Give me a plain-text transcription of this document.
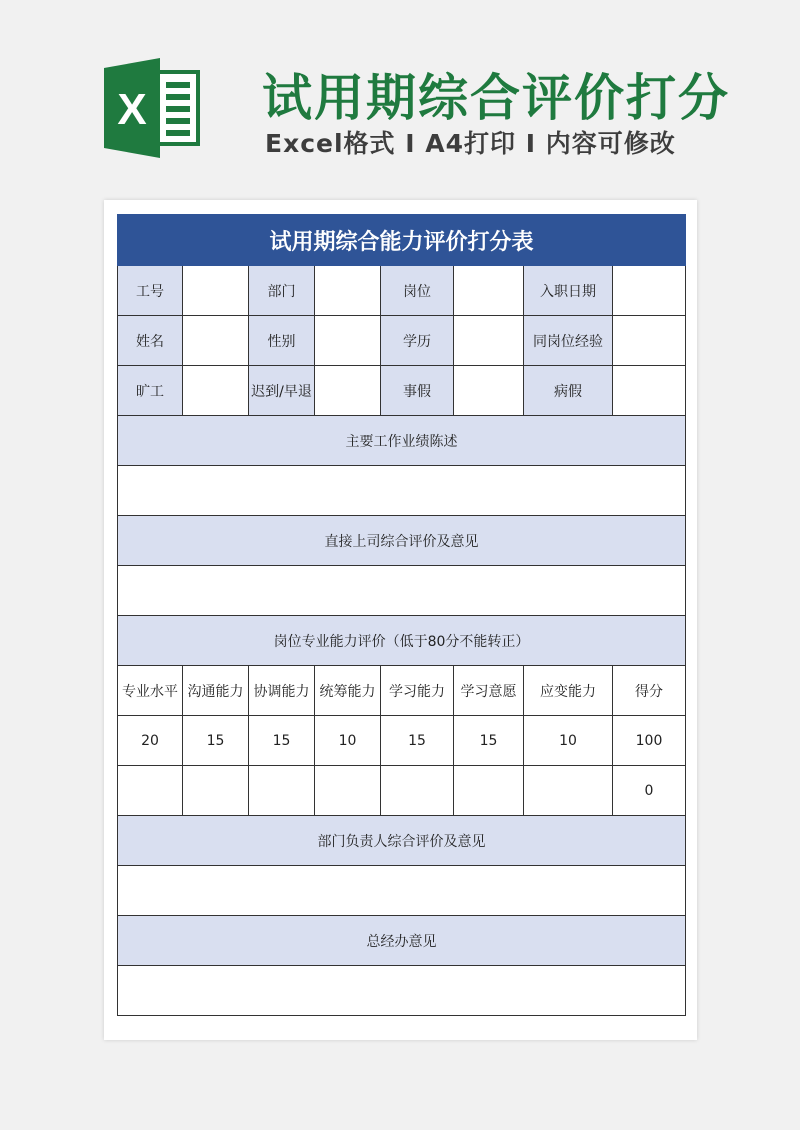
X 试用期综合评价打分
Excel格式 I A4打印 I 内容可修改
试用期综合能力评价打分表							
工号		部门		岗位		入职日期	
姓名		性别		学历		同岗位经验	
旷工		迟到/早退		事假		病假	
主要工作业绩陈述							

直接上司综合评价及意见							

岗位专业能力评价（低于80分不能转正）							
专业水平	沟通能力	协调能力	统筹能力	学习能力	学习意愿	应变能力	得分
20	15	15	10	15	15	10	100
							0
部门负责人综合评价及意见							

总经办意见							
